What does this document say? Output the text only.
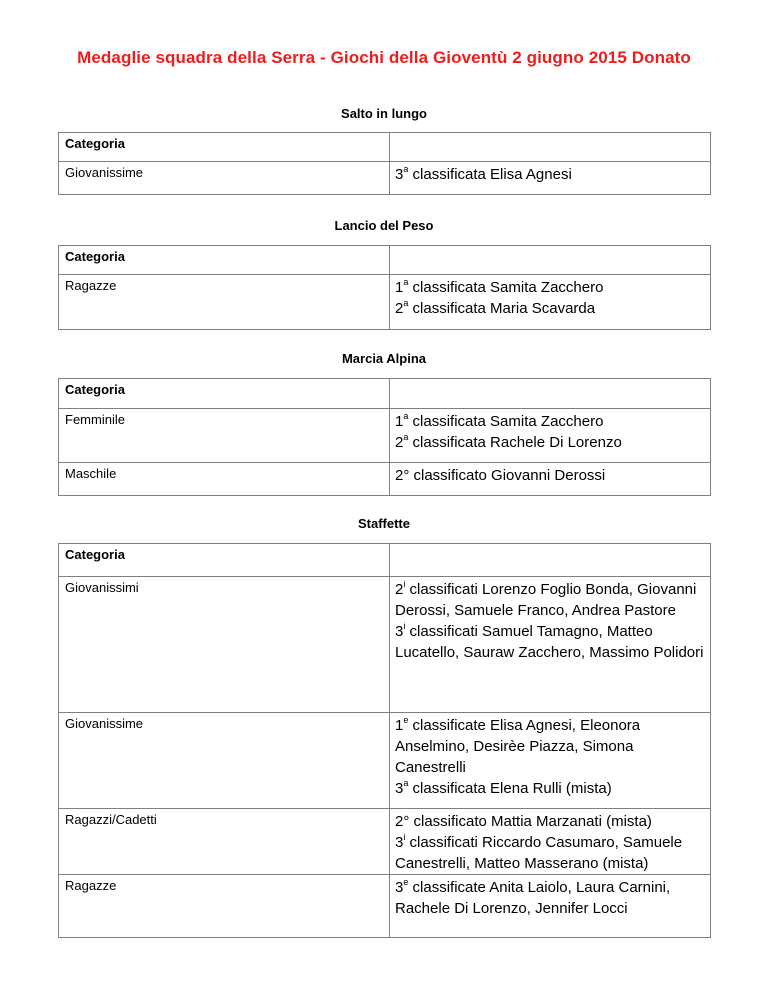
Medaglie squadra della Serra - Giochi della Gioventù 2 giugno 2015 Donato
Salto in lungo
Categoria	
Giovanissime	3$^a$ classificata Elisa Agnesi
Lancio del Peso
Categoria	
Ragazze	1$^a$ classificata Samita Zacchero
2$^a$ classificata Maria Scavarda
Marcia Alpina
Categoria	
Femminile	1$^a$ classificata Samita Zacchero
2$^a$ classificata Rachele Di Lorenzo

Maschile	2° classificato Giovanni Derossi
Staffette
Categoria	
Giovanissimi	2$^i$ classificati Lorenzo Foglio Bonda, Giovanni Derossi, Samuele Franco, Andrea Pastore
3$^i$ classificati Samuel Tamagno, Matteo Lucatello, Sauraw Zacchero, Massimo Polidori

Giovanissime	1e classificate Elisa Agnesi, Eleonora Anselmino, Desirèe Piazza, Simona Canestrelli
3$^a$ classificata Elena Rulli (mista)

Ragazzi/Cadetti	2° classificato Mattia Marzanati (mista)
3$^i$ classificati Riccardo Casumaro, Samuele Canestrelli, Matteo Masserano (mista)

Ragazze	3e classificate Anita Laiolo, Laura Carnini, Rachele Di Lorenzo, Jennifer Locci
